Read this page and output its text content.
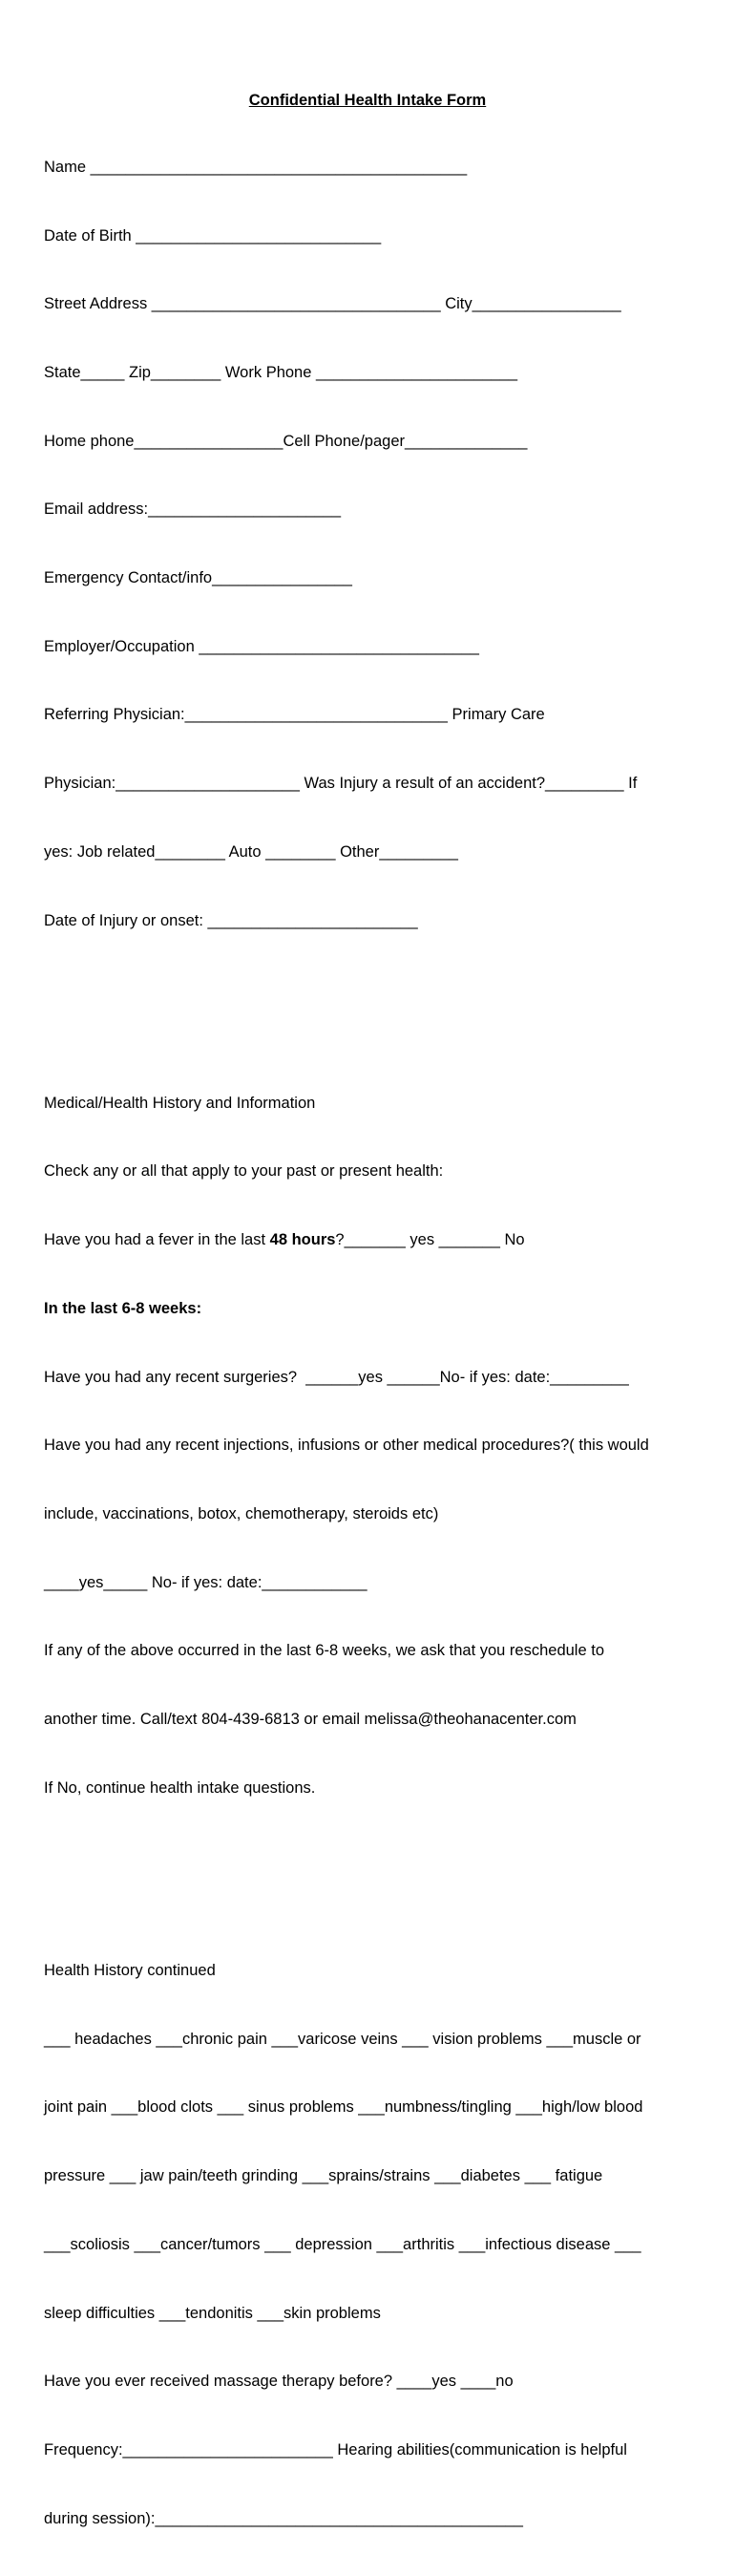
Confidential Health Intake Form

Name ___________________________________________

Date of Birth ____________________________

Street Address _________________________________ City_________________

State_____ Zip________ Work Phone _______________________

Home phone_________________Cell Phone/pager______________

Email address:______________________

Emergency Contact/info________________

Employer/Occupation ________________________________

Referring Physician:______________________________ Primary Care

Physician:_____________________ Was Injury a result of an accident?_________ If

yes: Job related________ Auto ________ Other_________

Date of Injury or onset: ________________________

Medical/Health History and Information

Check any or all that apply to your past or present health:

Have you had a fever in the last 48 hours?_______ yes _______ No

In the last 6-8 weeks:

Have you had any recent surgeries?  ______yes ______No- if yes: date:_________

Have you had any recent injections, infusions or other medical procedures?( this would

include, vaccinations, botox, chemotherapy, steroids etc)

____yes_____ No- if yes: date:____________

If any of the above occurred in the last 6-8 weeks, we ask that you reschedule to

another time. Call/text 804-439-6813 or email melissa@theohanacenter.com

If No, continue health intake questions.

Health History continued

___ headaches ___chronic pain ___varicose veins ___ vision problems ___muscle or

joint pain ___blood clots ___ sinus problems ___numbness/tingling ___high/low blood

pressure ___ jaw pain/teeth grinding ___sprains/strains ___diabetes ___ fatigue

___scoliosis ___cancer/tumors ___ depression ___arthritis ___infectious disease ___

sleep difficulties ___tendonitis ___skin problems

Have you ever received massage therapy before? ____yes ____no

Frequency:________________________ Hearing abilities(communication is helpful

during session):__________________________________________
